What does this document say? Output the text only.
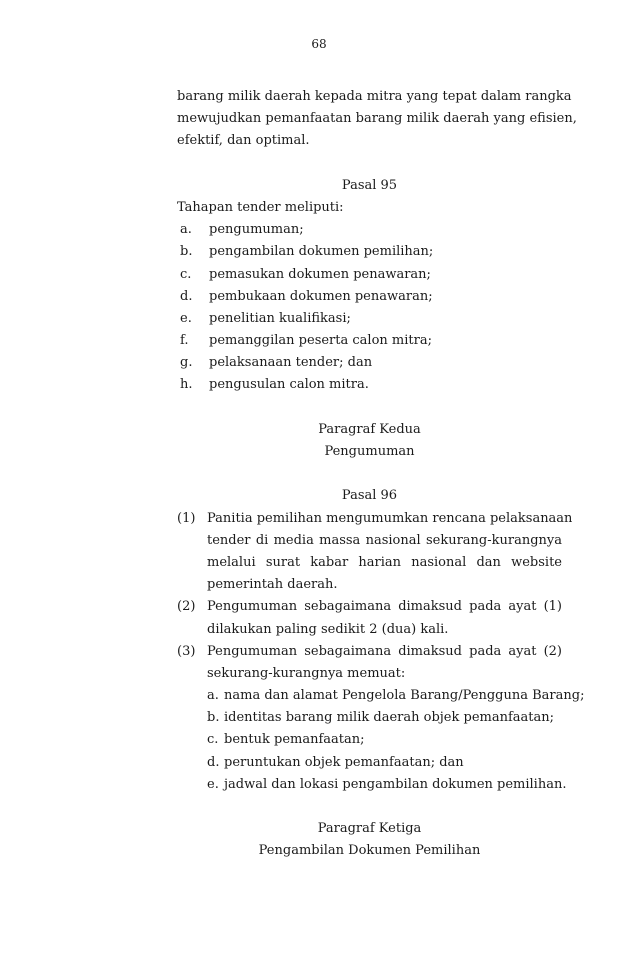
68
barang milik daerah kepada mitra yang tepat dalam rangka
mewujudkan pemanfaatan barang milik daerah yang efisien,
efektif, dan optimal.
Pasal 95
Tahapan tender meliputi:
a.	pengumuman;
b.	pengambilan dokumen pemilihan;
c.	pemasukan dokumen penawaran;
d.	pembukaan dokumen penawaran;
e.	penelitian kualifikasi;
f.	pemanggilan peserta calon mitra;
g.	pelaksanaan tender; dan
h.	pengusulan calon mitra.
Paragraf Kedua
Pengumuman
Pasal 96
(1) Panitia pemilihan mengumumkan rencana pelaksanaan
tender di media massa nasional sekurang-kurangnya
melalui surat kabar harian nasional dan website
pemerintah daerah.
(2) Pengumuman sebagaimana dimaksud pada ayat (1)
dilakukan paling sedikit 2 (dua) kali.
(3) Pengumuman sebagaimana dimaksud pada ayat (2)
sekurang-kurangnya memuat:
a. nama dan alamat Pengelola Barang/Pengguna Barang;
b. identitas barang milik daerah objek pemanfaatan;
c. bentuk pemanfaatan;
d. peruntukan objek pemanfaatan; dan
e. jadwal dan lokasi pengambilan dokumen pemilihan.
Paragraf Ketiga
Pengambilan Dokumen Pemilihan
